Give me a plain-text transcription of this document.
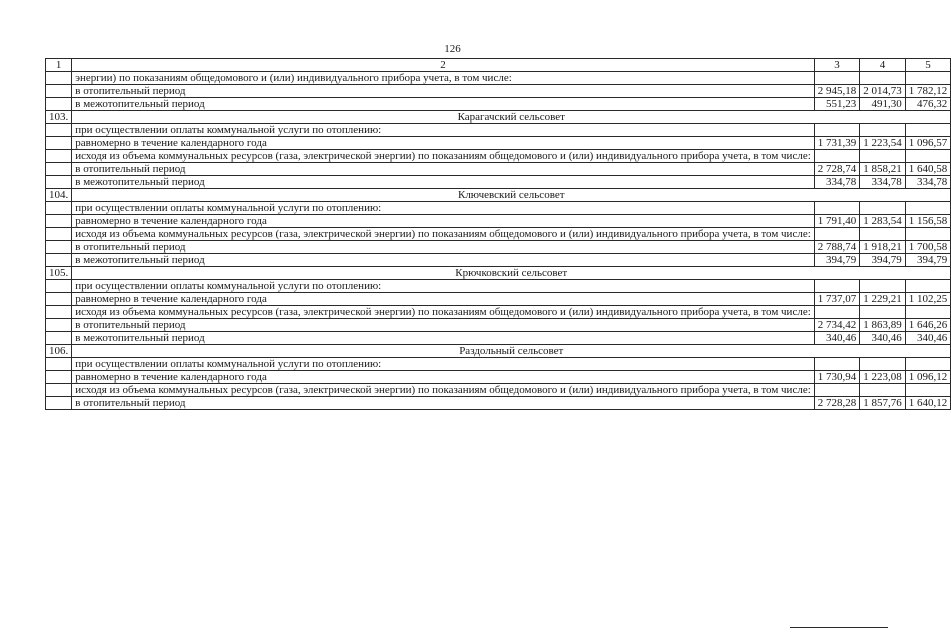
126
1	2	3	4	5
	энергии) по показаниям общедомового и (или) индивидуального прибора учета, в том числе:			
	в отопительный период	2 945,18	2 014,73	1 782,12
	в межотопительный период	551,23	491,30	476,32
103.	Карагачский сельсовет			
	при осуществлении оплаты коммунальной услуги по отоплению:			
	равномерно в течение календарного года	1 731,39	1 223,54	1 096,57
	исходя из объема коммунальных ресурсов (газа, электрической энергии) по показаниям общедомового и (или) индивидуального прибора учета, в том числе:			
	в отопительный период	2 728,74	1 858,21	1 640,58
	в межотопительный период	334,78	334,78	334,78
104.	Ключевский сельсовет			
	при осуществлении оплаты коммунальной услуги по отоплению:			
	равномерно в течение календарного года	1 791,40	1 283,54	1 156,58
	исходя из объема коммунальных ресурсов (газа, электрической энергии) по показаниям общедомового и (или) индивидуального прибора учета, в том числе:			
	в отопительный период	2 788,74	1 918,21	1 700,58
	в межотопительный период	394,79	394,79	394,79
105.	Крючковский сельсовет			
	при осуществлении оплаты коммунальной услуги по отоплению:			
	равномерно в течение календарного года	1 737,07	1 229,21	1 102,25
	исходя из объема коммунальных ресурсов (газа, электрической энергии) по показаниям общедомового и (или) индивидуального прибора учета, в том числе:			
	в отопительный период	2 734,42	1 863,89	1 646,26
	в межотопительный период	340,46	340,46	340,46
106.	Раздольный сельсовет			
	при осуществлении оплаты коммунальной услуги по отоплению:			
	равномерно в течение календарного года	1 730,94	1 223,08	1 096,12
	исходя из объема коммунальных ресурсов (газа, электрической энергии) по показаниям общедомового и (или) индивидуального прибора учета, в том числе:			
	в отопительный период	2 728,28	1 857,76	1 640,12
